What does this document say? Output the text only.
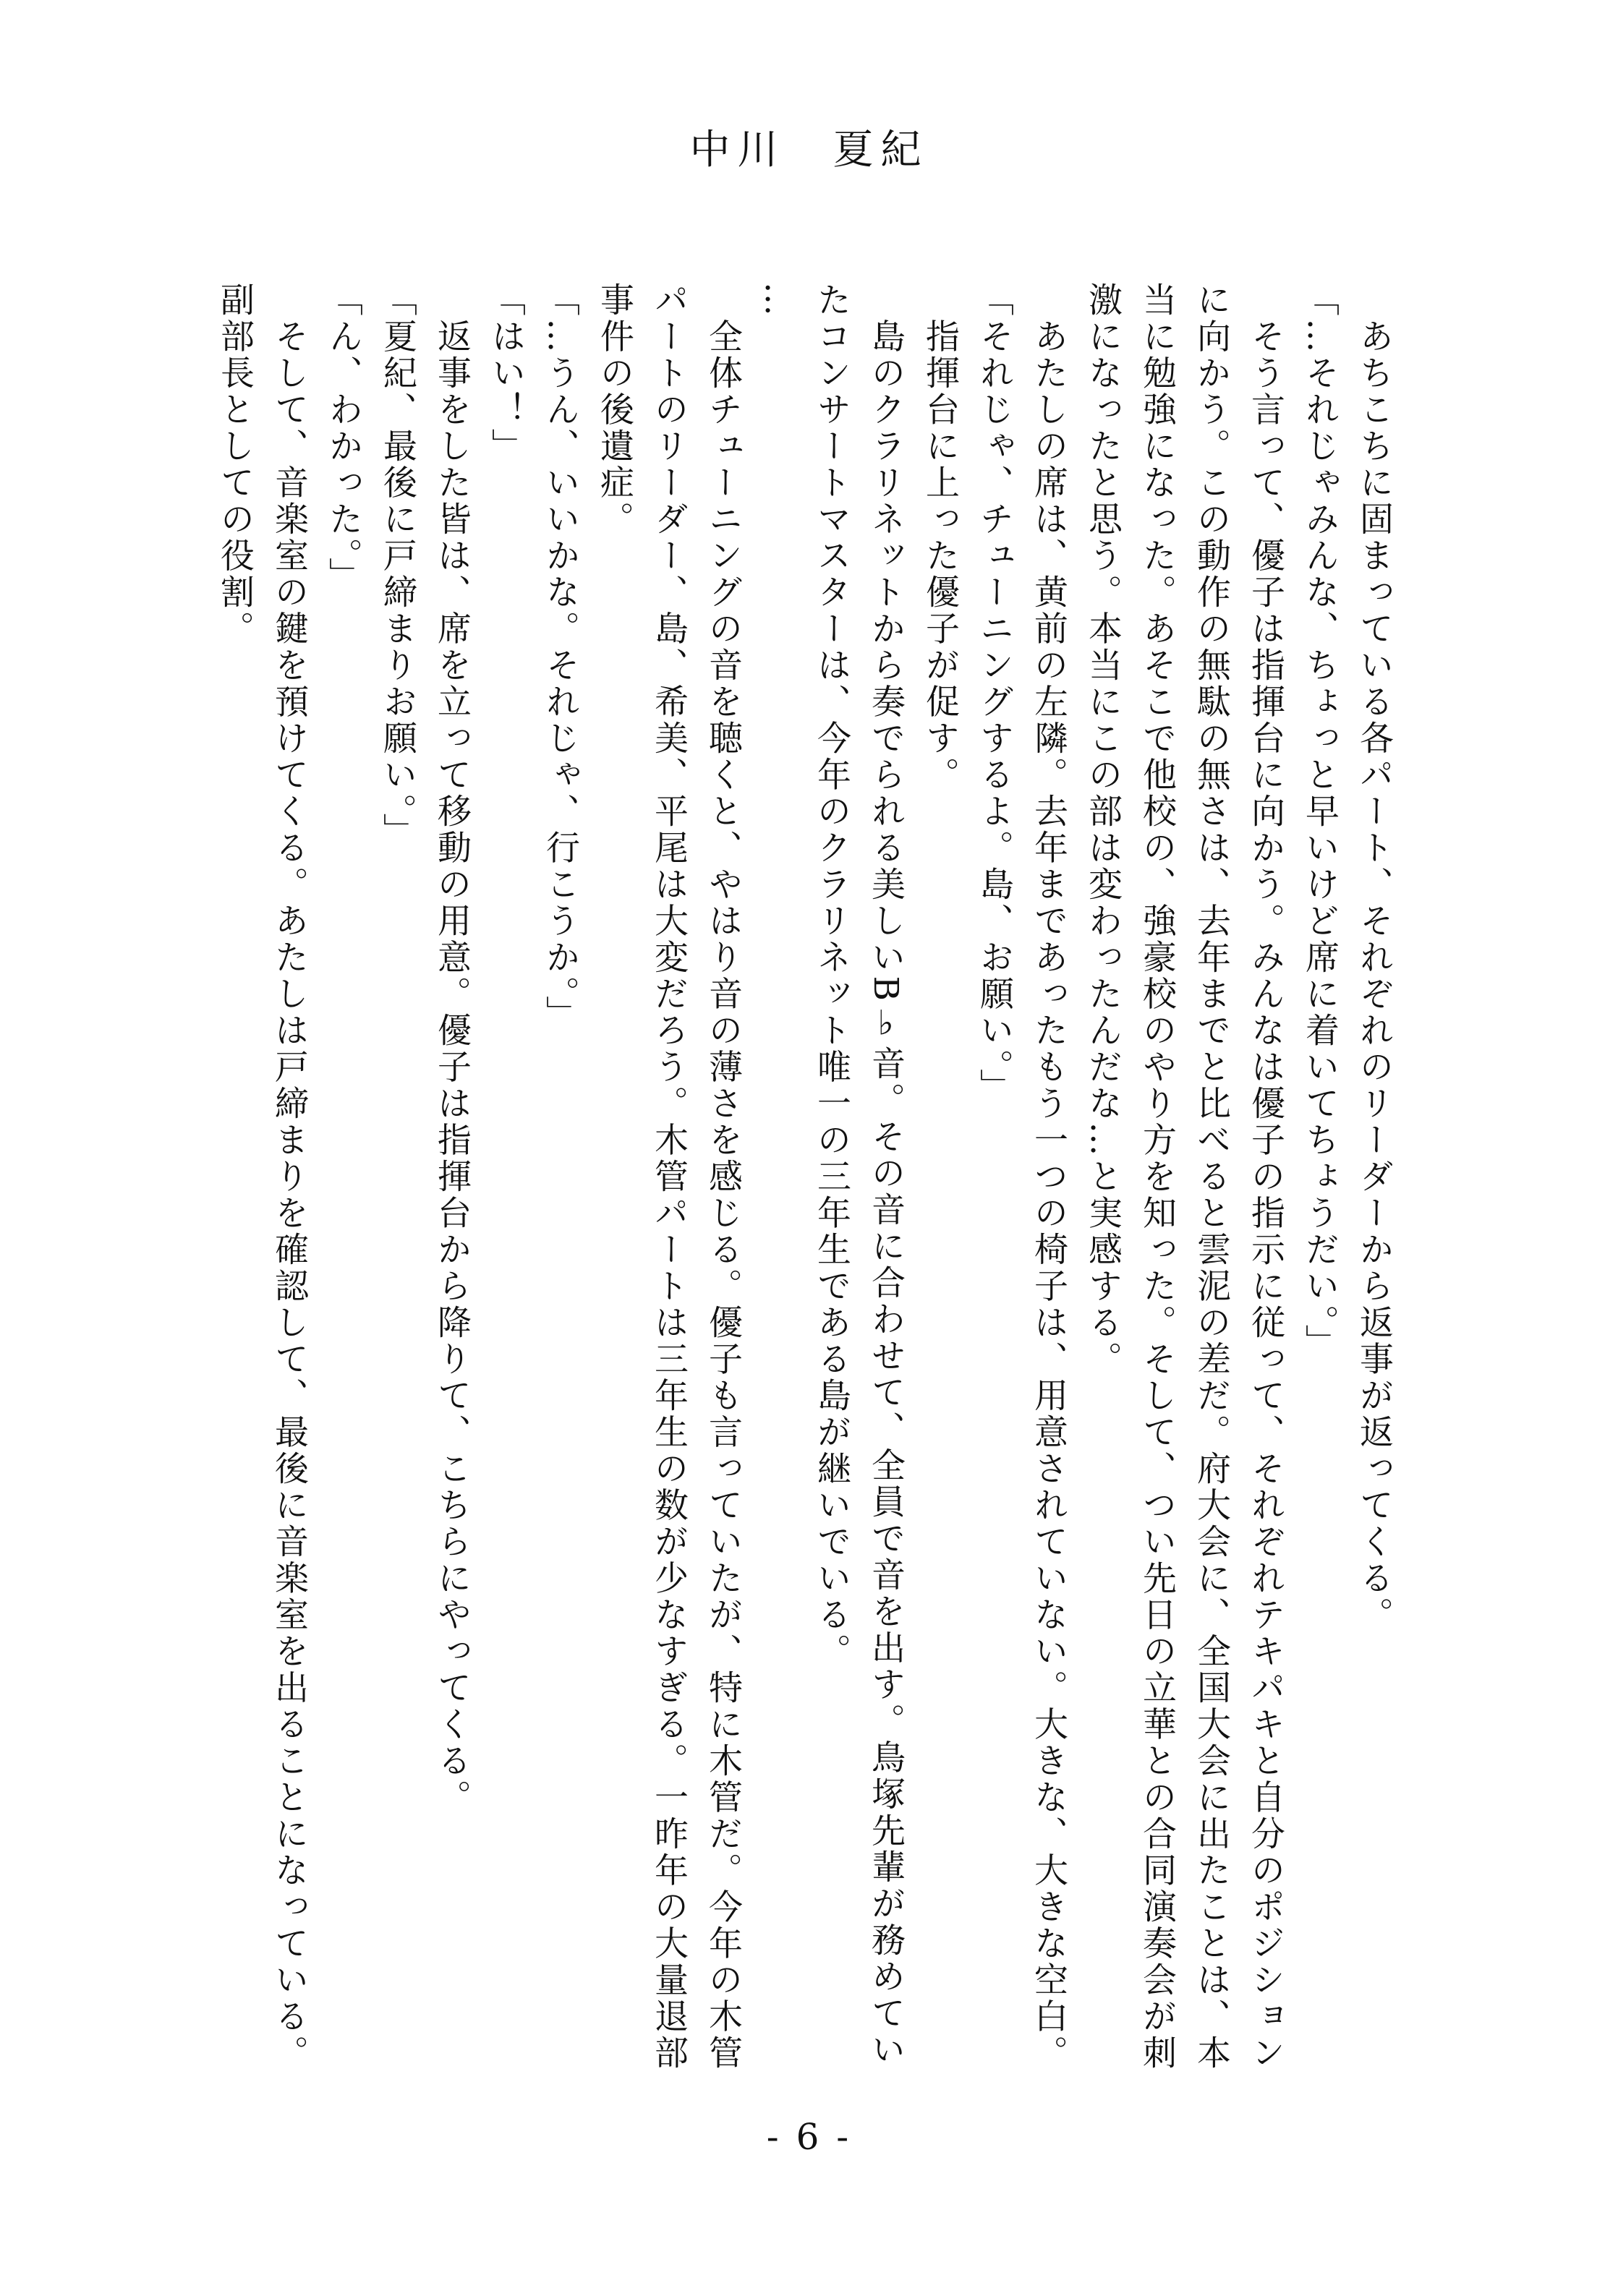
中川　夏紀

　あちこちに固まっている各パート、それぞれのリーダーから返事が返ってくる。

「…それじゃみんな、ちょっと早いけど席に着いてちょうだい。」

　そう言って、優子は指揮台に向かう。みんなは優子の指示に従って、それぞれテキパキと自分のポジションに向かう。この動作の無駄の無さは、去年までと比べると雲泥の差だ。府大会に、全国大会に出たことは、本当に勉強になった。あそこで他校の、強豪校のやり方を知った。そして、つい先日の立華との合同演奏会が刺激になったと思う。本当にこの部は変わったんだな…と実感する。

　あたしの席は、黄前の左隣。去年まであったもう一つの椅子は、用意されていない。大きな、大きな空白。

「それじゃ、チューニングするよ。島、お願い。」

　指揮台に上った優子が促す。

　島のクラリネットから奏でられる美しいB♭音。その音に合わせて、全員で音を出す。鳥塚先輩が務めていたコンサートマスターは、今年のクラリネット唯一の三年生である島が継いでいる。

…

　全体チューニングの音を聴くと、やはり音の薄さを感じる。優子も言っていたが、特に木管だ。今年の木管パートのリーダー、島、希美、平尾は大変だろう。木管パートは三年生の数が少なすぎる。一昨年の大量退部事件の後遺症。

「…うん、いいかな。それじゃ、行こうか。」

「はい！」

　返事をした皆は、席を立って移動の用意。優子は指揮台から降りて、こちらにやってくる。

「夏紀、最後に戸締まりお願い。」

「ん、わかった。」

　そして、音楽室の鍵を預けてくる。あたしは戸締まりを確認して、最後に音楽室を出ることになっている。副部長としての役割。

- 6 -
